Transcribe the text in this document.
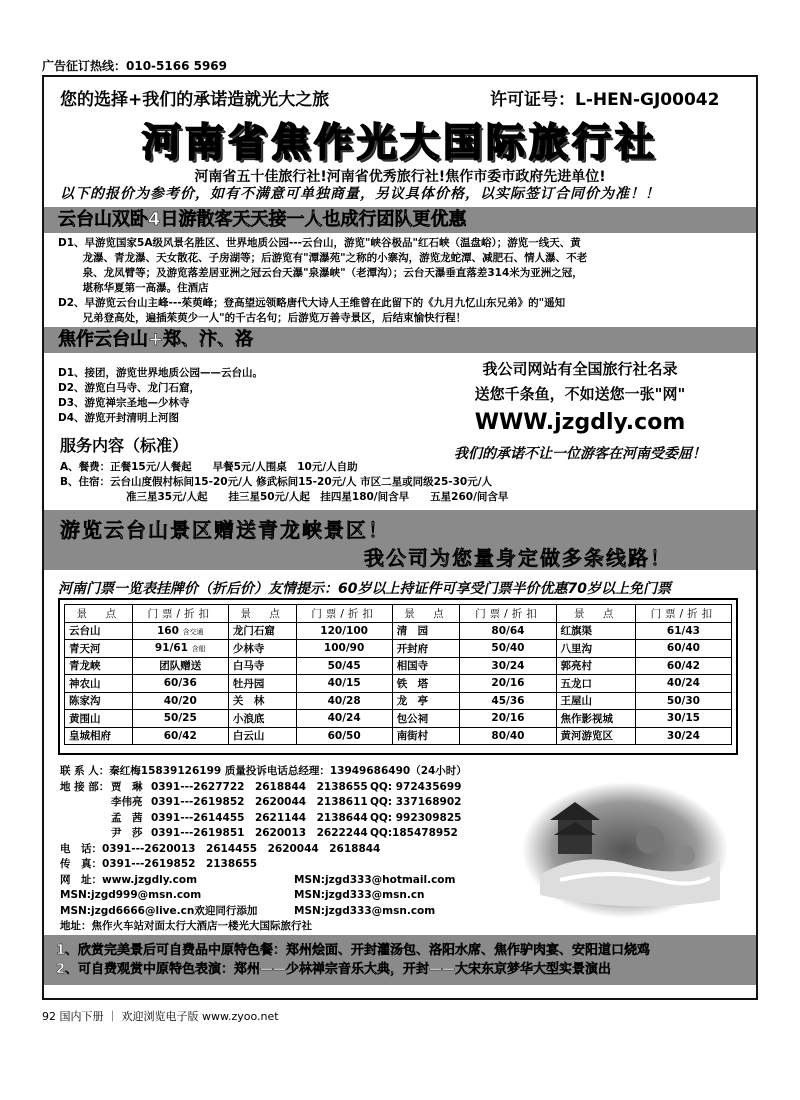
广告征订热线：010-5166 5969
您的选择+我们的承诺造就光大之旅	许可证号：L-HEN-GJ00042
河南省焦作光大国际旅行社
河南省五十佳旅行社!河南省优秀旅行社!焦作市委市政府先进单位!
以下的报价为参考价，如有不满意可单独商量，另议具体价格，以实际签订合同价为准！！
云台山双卧4日游散客天天接一人也成行团队更优惠

D1、早游览国家5A级风景名胜区、世界地质公园---云台山，游览"峡谷极品"红石峡（温盘峪）；游览一线天、黄

　　 龙瀑、青龙瀑、天女散花、子房湖等；后游览有"潭瀑苑"之称的小寨沟，游览龙蛇潭、减肥石、情人瀑、不老

　　 泉、龙凤臂等；及游览落差居亚洲之冠云台天瀑"泉瀑峡"（老潭沟）；云台天瀑垂直落差314米为亚洲之冠，

　　 堪称华夏第一高瀑。住酒店

D2、早游览云台山主峰---茱萸峰；登高望远领略唐代大诗人王维曾在此留下的《九月九忆山东兄弟》的"遥知

　　 兄弟登高处，遍插茱萸少一人"的千古名句；后游览万善寺景区，后结束愉快行程！

焦作云台山+郑、汴、洛

D1、接团，游览世界地质公园——云台山。

D2、游览白马寺、龙门石窟，

D3、游览禅宗圣地—少林寺

D4、游览开封清明上河图

我公司网站有全国旅行社名录
送您千条鱼，不如送您一张"网"
WWW.jzgdly.com
我们的承诺不让一位游客在河南受委屈！
服务内容（标准）

A、餐费：正餐15元/人餐起　　早餐5元/人围桌　10元/人自助

B、住宿：云台山度假村标间15-20元/人 修武标间15-20元/人 市区二星或同级25-30元/人

准三星35元/人起　　挂三星50元/人起　挂四星180/间含早　　五星260/间含早

游览云台山景区赠送青龙峡景区！
我公司为您量身定做多条线路！
河南门票一览表挂牌价（折后价）友情提示：60岁以上持证件可享受门票半价优惠70岁以上免门票
景　点	门票/折扣	景　点	门票/折扣	景　点	门票/折扣	景　点	门票/折扣
云台山	160 含交通	龙门石窟	120/100	清　园	80/64	红旗渠	61/43
青天河	91/61 含船	少林寺	100/90	开封府	50/40	八里沟	60/40
青龙峡	团队赠送	白马寺	50/45	相国寺	30/24	郭亮村	60/42
神农山	60/36	牡丹园	40/15	铁　塔	20/16	五龙口	40/24
陈家沟	40/20	关　林	40/28	龙　亭	45/36	王屋山	50/30
黄围山	50/25	小浪底	40/24	包公祠	20/16	焦作影视城	30/15
皇城相府	60/42	白云山	60/50	南街村	80/40	黄河游览区	30/24
联 系 人：秦红梅15839126199 质量投诉电话总经理：13949686490（24小时）
地 接 部： 贾　琳 0391---2627722　2618844　2138655 QQ: 972435699
李伟亮 0391---2619852　2620044　2138611 QQ: 337168902
孟　茜 0391---2614455　2621144　2138644 QQ: 992309825
尹　莎 0391---2619851　2620013　2622244 QQ:185478952
电　话：0391---2620013　2614455　2620044　2618844
传　真：0391---2619852　2138655
网　址：www.jzgdly.com	MSN:jzgd333@hotmail.com
MSN:jzgd999@msn.com	MSN:jzgd333@msn.cn
MSN:jzgd6666@live.cn欢迎同行添加	MSN:jzgd333@msn.com
地址：焦作火车站对面太行大酒店一楼光大国际旅行社
1、欣赏完美景后可自费品中原特色餐：郑州烩面、开封灌汤包、洛阳水席、焦作驴肉宴、安阳道口烧鸡
2、可自费观赏中原特色表演：郑州——少林禅宗音乐大典，开封——大宋东京梦华大型实景演出
92 国内下册 ｜ 欢迎浏览电子版 www.zyoo.net
